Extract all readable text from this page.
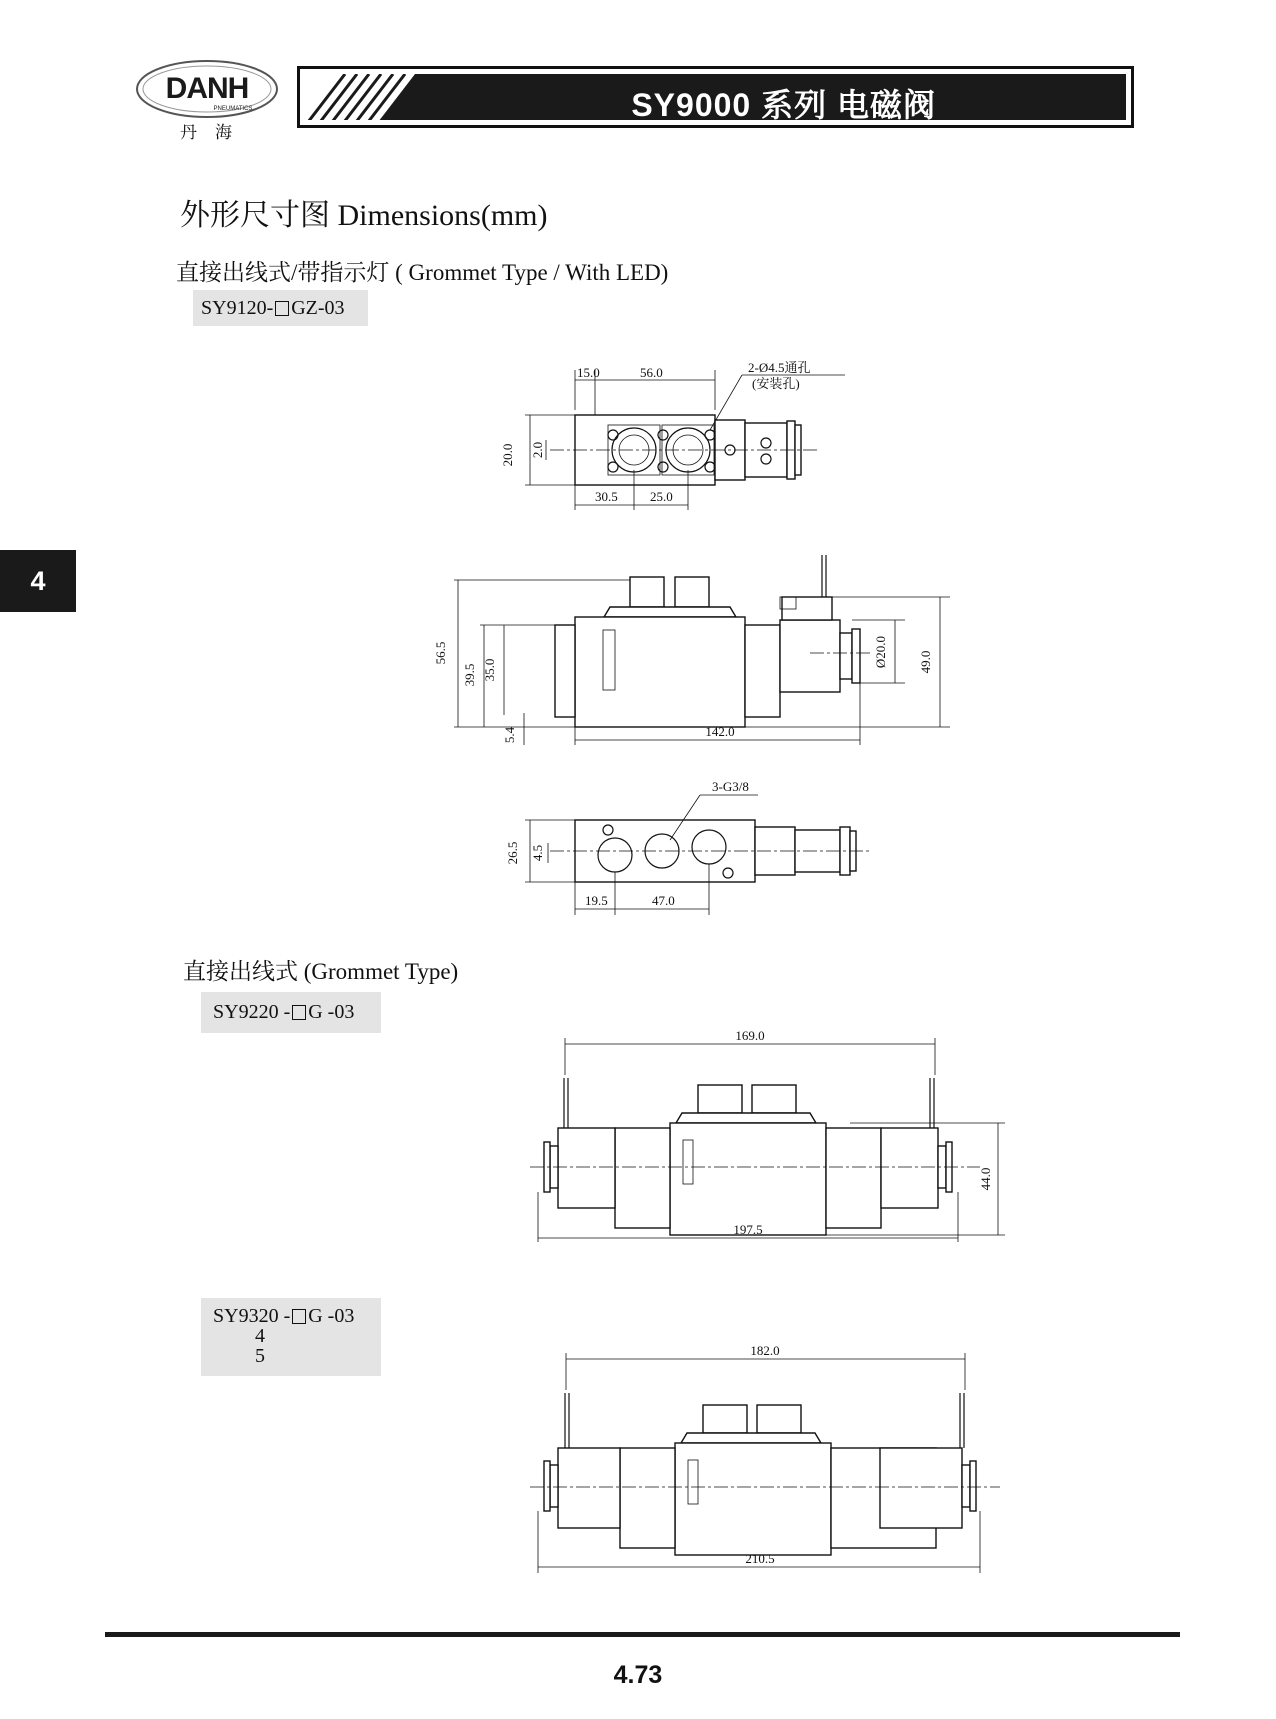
DANH
PNEUMATICS
丹海
SY9000 系列 电磁阀
4
外形尺寸图 Dimensions(mm)
直接出线式/带指示灯 ( Grommet Type / With LED)
SY9120- GZ-03
15.0	56.0	2-Ø4.5通孔
(安装孔)
20.0 2.0
30.5 25.0
56.5
39.5 35.0
5.4	142.0
Ø20.0 49.0
3-G3/8
26.5 4.5
19.5	47.0
直接出线式 (Grommet Type)
SY9220 - G -03
169.0
44.0
197.5
SY9320 - G -03
4
5	182.0
210.5
4.73
